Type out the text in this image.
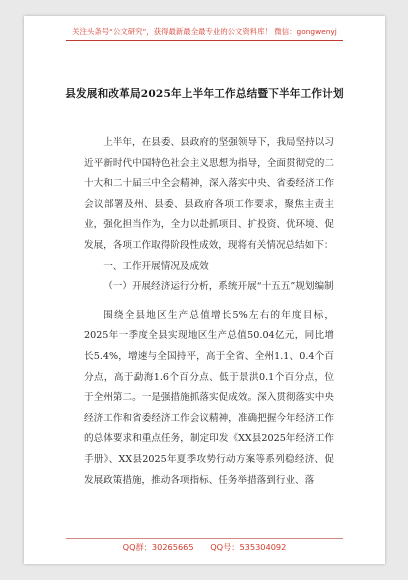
关注头条号“公文研究”，获得最新最全最专业的公文资料库！ 微信：gongwenyj
县发展和改革局2025年上半年工作总结暨下半年工作计划

上半年，在县委、县政府的坚强领导下，我局坚持以习近平新时代中国特色社会主义思想为指导，全面贯彻党的二十大和二十届三中全会精神，深入落实中央、省委经济工作会议部署及州、县委、县政府各项工作要求，聚焦主责主业，强化担当作为，全力以赴抓项目、扩投资、优环境、促发展，各项工作取得阶段性成效，现将有关情况总结如下：

一、工作开展情况及成效

（一）开展经济运行分析，系统开展“十五五”规划编制

围绕全县地区生产总值增长5%左右的年度目标，2025年一季度全县实现地区生产总值50.04亿元，同比增长5.4%，增速与全国持平，高于全省、全州1.1、0.4个百分点，高于勐海1.6个百分点、低于景洪0.1个百分点，位于全州第二。一是强措施抓落实促成效。深入贯彻落实中央经济工作和省委经济工作会议精神，准确把握今年经济工作的总体要求和重点任务，制定印发《XX县2025年经济工作手册》、XX县2025年夏季攻势行动方案等系列稳经济、促发展政策措施，推动各项指标、任务举措落到行业、落

QQ群：30265665 QQ号：535304092
